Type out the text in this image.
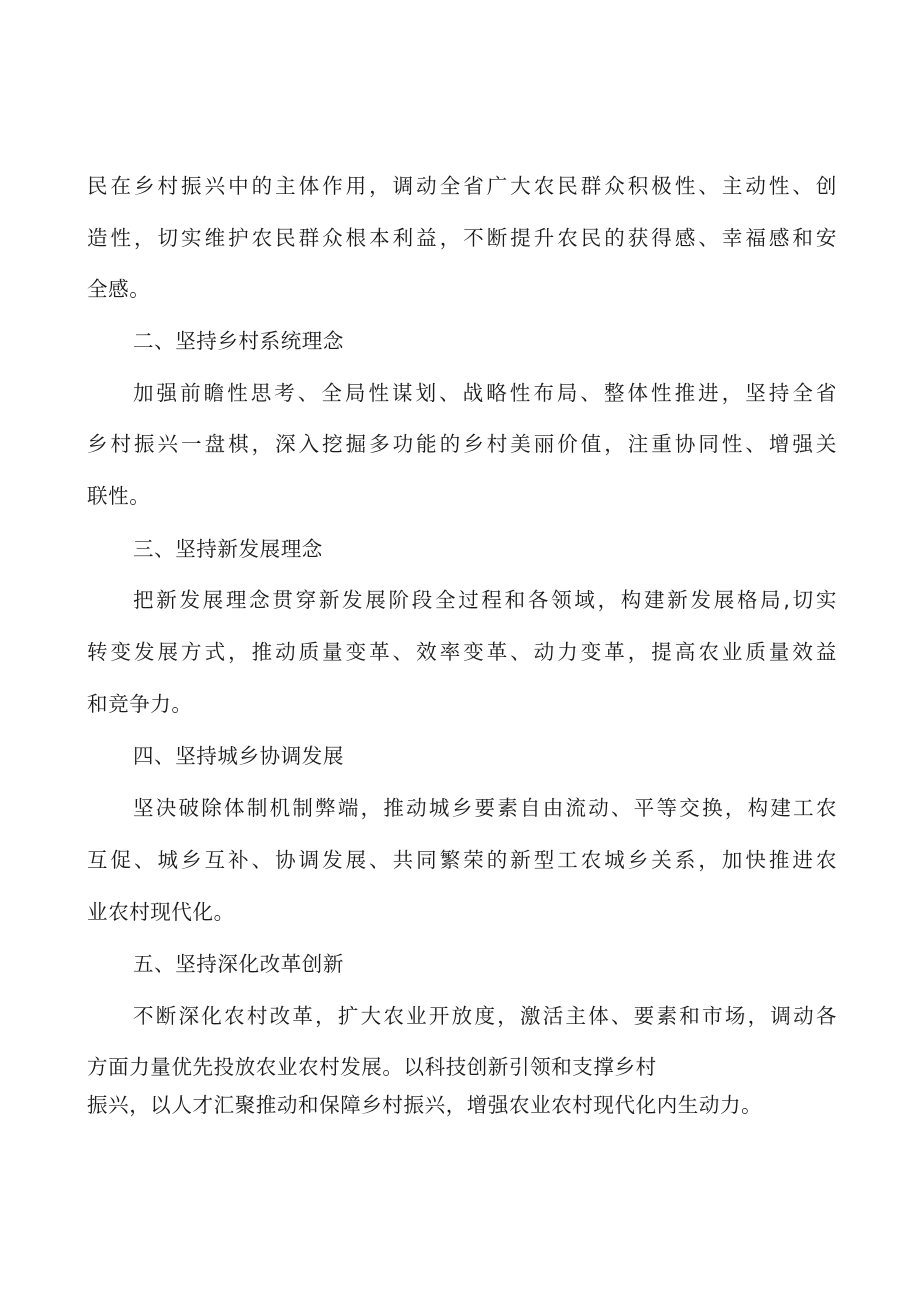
民在乡村振兴中的主体作用，调动全省广大农民群众积极性、主动性、创
造性，切实维护农民群众根本利益，不断提升农民的获得感、幸福感和安
全感。
二、坚持乡村系统理念
加强前瞻性思考、全局性谋划、战略性布局、整体性推进，坚持全省
乡村振兴一盘棋，深入挖掘多功能的乡村美丽价值，注重协同性、增强关
联性。
三、坚持新发展理念
把新发展理念贯穿新发展阶段全过程和各领域，构建新发展格局,切实
转变发展方式，推动质量变革、效率变革、动力变革，提高农业质量效益
和竞争力。
四、坚持城乡协调发展
坚决破除体制机制弊端，推动城乡要素自由流动、平等交换，构建工农
互促、城乡互补、协调发展、共同繁荣的新型工农城乡关系，加快推进农
业农村现代化。
五、坚持深化改革创新
不断深化农村改革，扩大农业开放度，激活主体、要素和市场，调动各
方面力量优先投放农业农村发展。以科技创新引领和支撑乡村
振兴，以人才汇聚推动和保障乡村振兴，增强农业农村现代化内生动力。
